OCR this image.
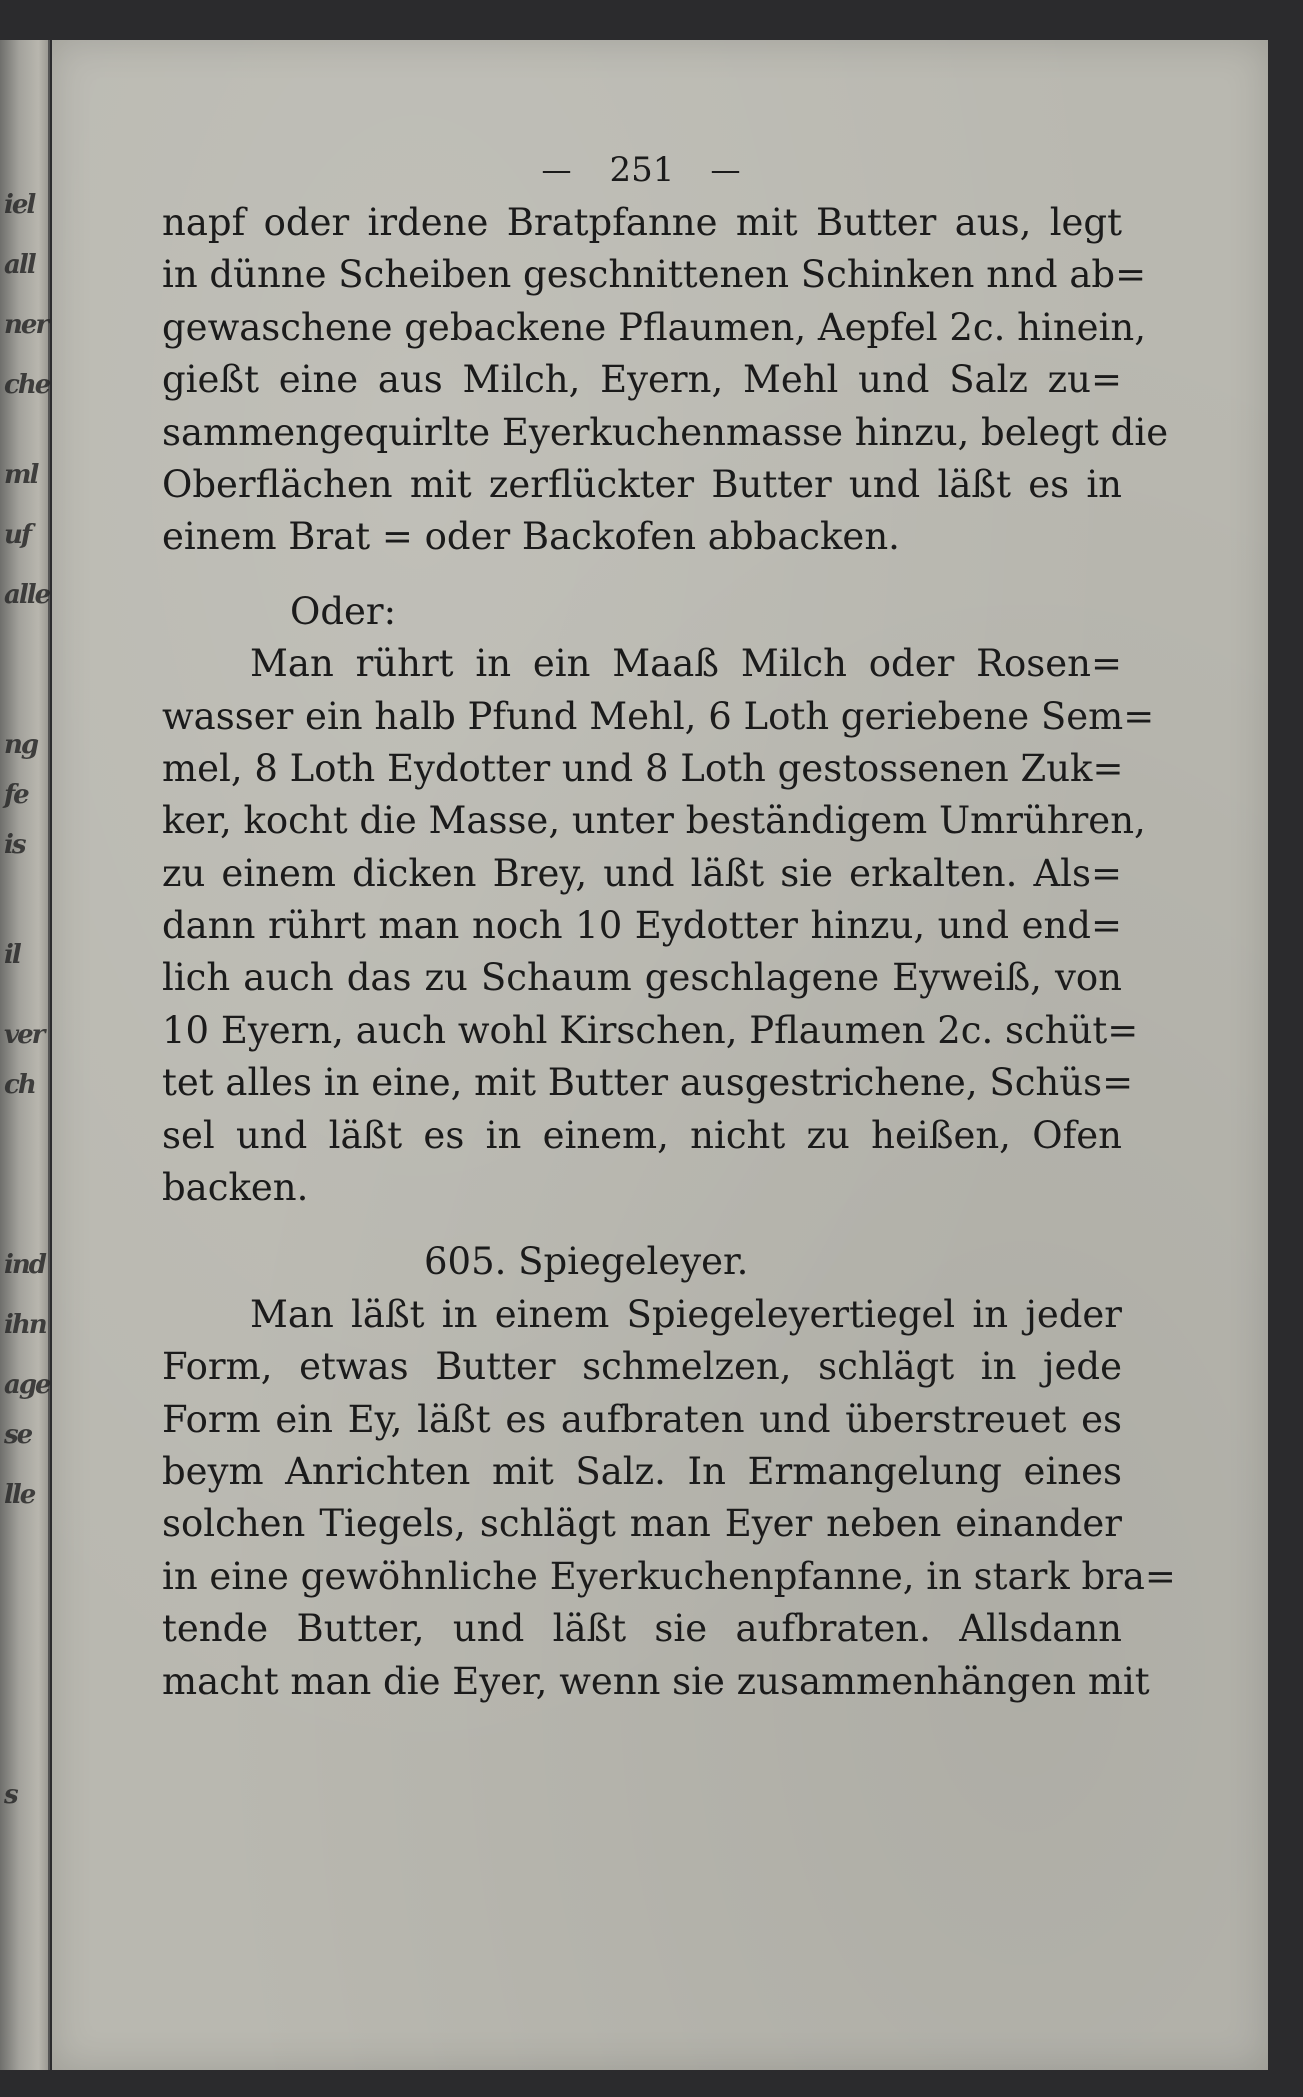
iel
all
ner
che
ml
uf
alle
ng
fe
is
il
ver
ch
ind
ihn
age
se
lle
s
— 251 —
napf oder irdene Bratpfanne mit Butter aus, legt
in dünne Scheiben geschnittenen Schinken nnd ab=
gewaschene gebackene Pflaumen, Aepfel 2c. hinein,
gießt eine aus Milch, Eyern, Mehl und Salz zu=
sammengequirlte Eyerkuchenmasse hinzu, belegt die
Oberflächen mit zerflückter Butter und läßt es in
einem Brat = oder Backofen abbacken.
Oder:
Man rührt in ein Maaß Milch oder Rosen=
wasser ein halb Pfund Mehl, 6 Loth geriebene Sem=
mel, 8 Loth Eydotter und 8 Loth gestossenen Zuk=
ker, kocht die Masse, unter beständigem Umrühren,
zu einem dicken Brey, und läßt sie erkalten. Als=
dann rührt man noch 10 Eydotter hinzu, und end=
lich auch das zu Schaum geschlagene Eyweiß, von
10 Eyern, auch wohl Kirschen, Pflaumen 2c. schüt=
tet alles in eine, mit Butter ausgestrichene, Schüs=
sel und läßt es in einem, nicht zu heißen, Ofen
backen.
605. Spiegeleyer.
Man läßt in einem Spiegeleyertiegel in jeder
Form, etwas Butter schmelzen, schlägt in jede
Form ein Ey, läßt es aufbraten und überstreuet es
beym Anrichten mit Salz. In Ermangelung eines
solchen Tiegels, schlägt man Eyer neben einander
in eine gewöhnliche Eyerkuchenpfanne, in stark bra=
tende Butter, und läßt sie aufbraten. Allsdann
macht man die Eyer, wenn sie zusammenhängen mit
